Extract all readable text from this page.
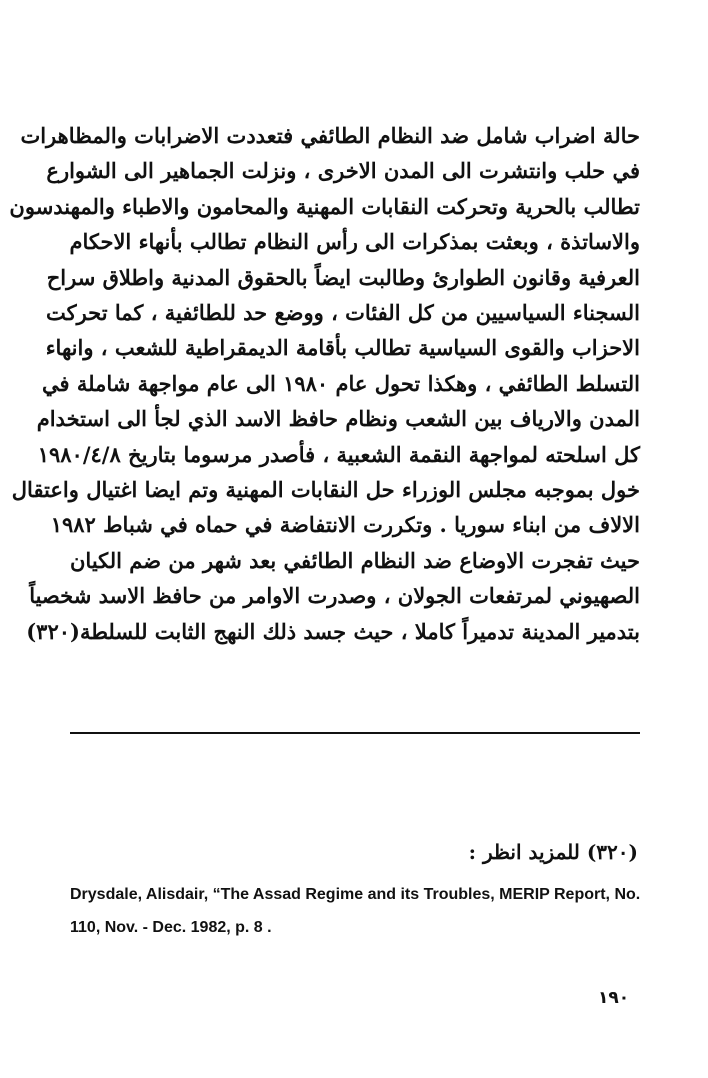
حالة اضراب شامل ضد النظام الطائفي فتعددت الاضرابات والمظاهرات
في حلب وانتشرت الى المدن الاخرى ، ونزلت الجماهير الى الشوارع
تطالب بالحرية وتحركت النقابات المهنية والمحامون والاطباء والمهندسون
والاساتذة ، وبعثت بمذكرات الى رأس النظام تطالب بأنهاء الاحكام
العرفية وقانون الطوارئ وطالبت ايضاً بالحقوق المدنية واطلاق سراح
السجناء السياسيين من كل الفئات ، ووضع حد للطائفية ، كما تحركت
الاحزاب والقوى السياسية تطالب بأقامة الديمقراطية للشعب ، وانهاء
التسلط الطائفي ، وهكذا تحول عام ١٩٨٠ الى عام مواجهة شاملة في
المدن والارياف بين الشعب ونظام حافظ الاسد الذي لجأ الى استخدام
كل اسلحته لمواجهة النقمة الشعبية ، فأصدر مرسوما بتاريخ ١٩٨٠/٤/٨
خول بموجبه مجلس الوزراء حل النقابات المهنية وتم ايضا اغتيال واعتقال
الالاف من ابناء سوريا . وتكررت الانتفاضة في حماه في شباط ١٩٨٢
حيث تفجرت الاوضاع ضد النظام الطائفي بعد شهر من ضم الكيان
الصهيوني لمرتفعات الجولان ، وصدرت الاوامر من حافظ الاسد شخصياً
بتدمير المدينة تدميراً كاملا ، حيث جسد ذلك النهج الثابت للسلطة(٣٢٠)
(٣٢٠) للمزيد انظر :
Drysdale, Alisdair, “The Assad Regime and its Troubles, MERIP Report, No.
110, Nov. - Dec. 1982, p. 8 .
١٩٠
